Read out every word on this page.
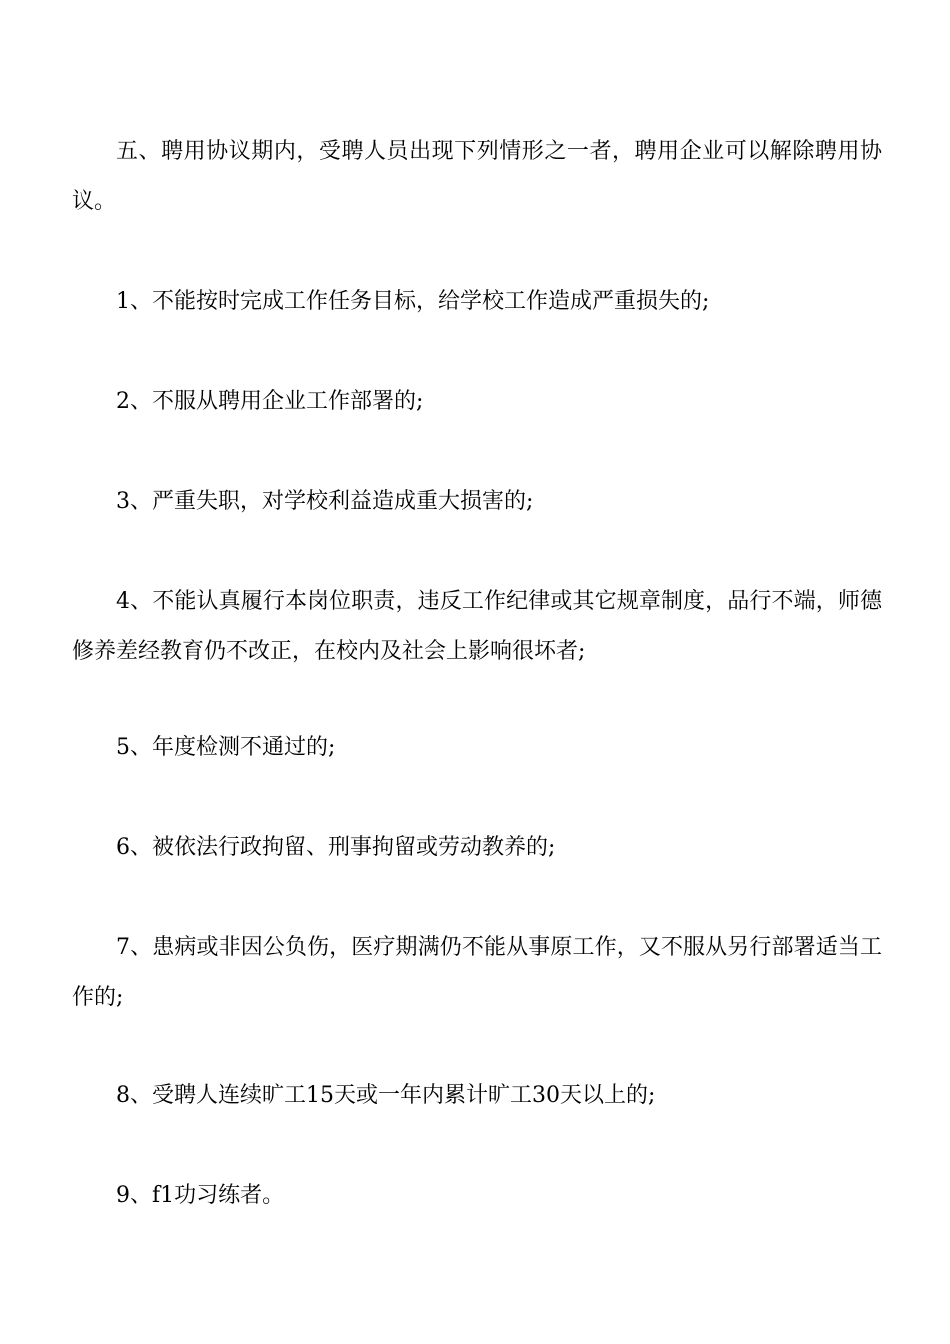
五、聘用协议期内，受聘人员出现下列情形之一者，聘用企业可以解除聘用协议。

1、不能按时完成工作任务目标，给学校工作造成严重损失的;

2、不服从聘用企业工作部署的;

3、严重失职，对学校利益造成重大损害的;

4、不能认真履行本岗位职责，违反工作纪律或其它规章制度，品行不端，师德修养差经教育仍不改正，在校内及社会上影响很坏者;

5、年度检测不通过的;

6、被依法行政拘留、刑事拘留或劳动教养的;

7、患病或非因公负伤，医疗期满仍不能从事原工作，又不服从另行部署适当工作的;

8、受聘人连续旷工15天或一年内累计旷工30天以上的;

9、f1功习练者。
